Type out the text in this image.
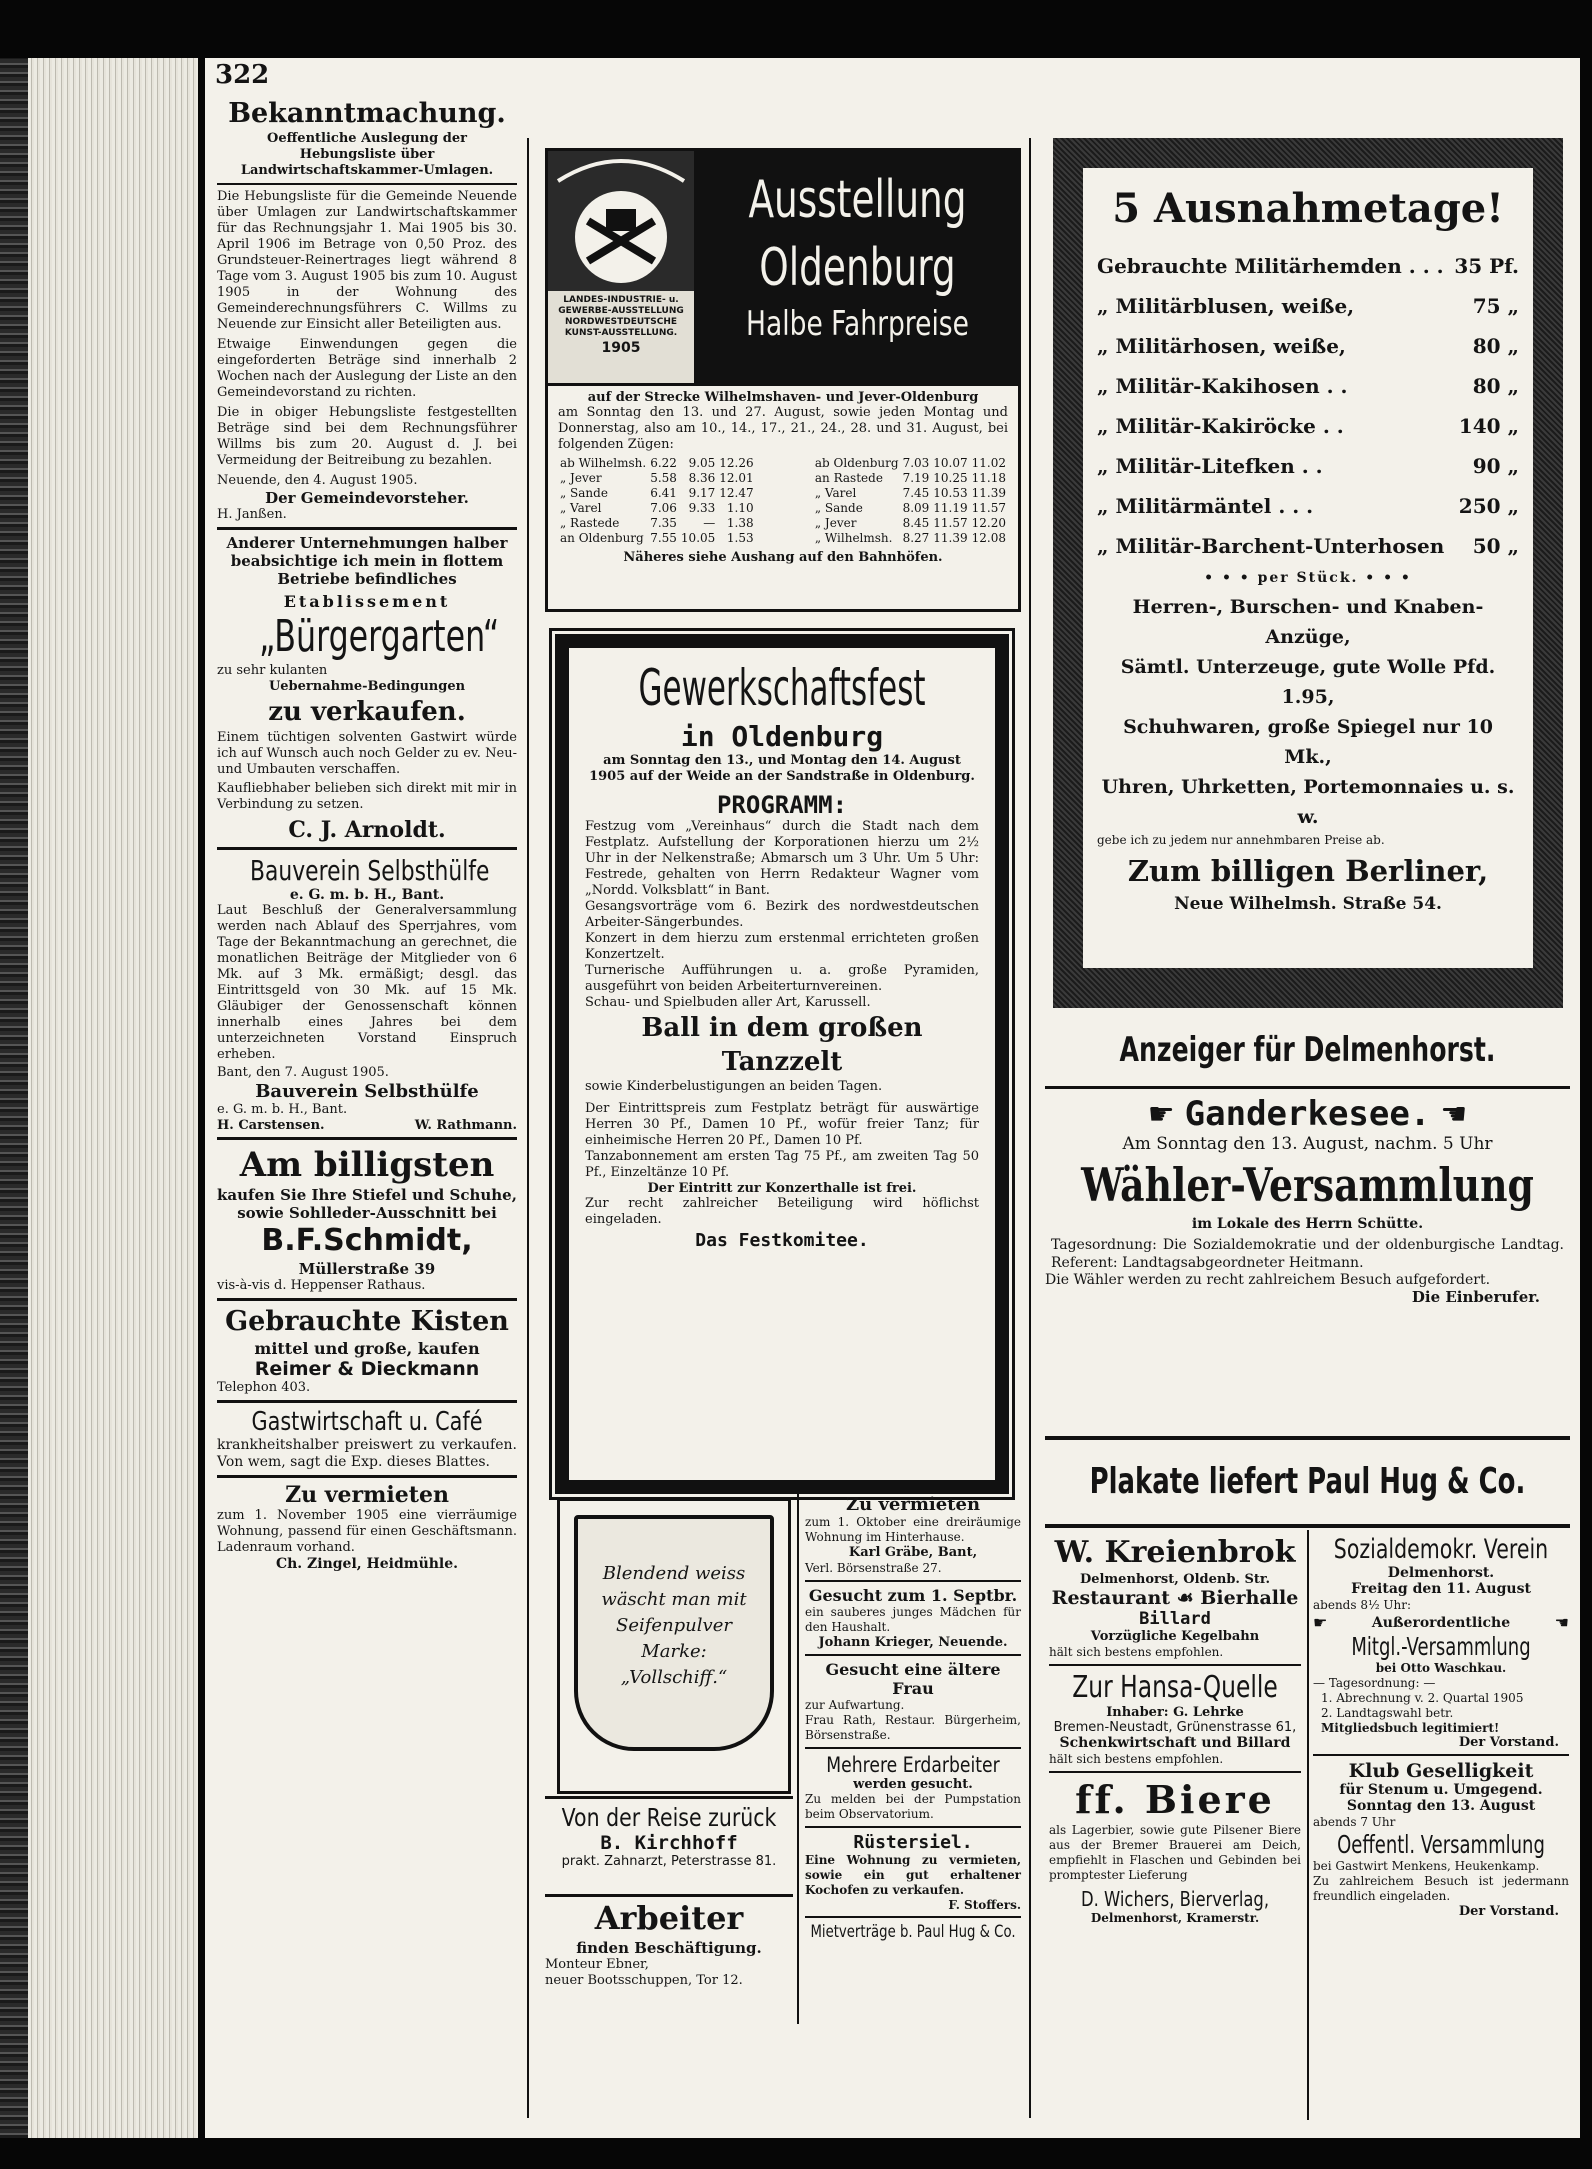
322
Bekanntmachung.
Oeffentliche Auslegung der Hebungsliste über Landwirtschaftskammer-Umlagen.
Die Hebungsliste für die Gemeinde Neuende über Umlagen zur Landwirtschaftskammer für das Rechnungsjahr 1. Mai 1905 bis 30. April 1906 im Betrage von 0,50 Proz. des Grundsteuer-Reinertrages liegt während 8 Tage vom 3. August 1905 bis zum 10. August 1905 in der Wohnung des Gemeinderechnungsführers C. Willms zu Neuende zur Einsicht aller Beteiligten aus.
Etwaige Einwendungen gegen die eingeforderten Beträge sind innerhalb 2 Wochen nach der Auslegung der Liste an den Gemeindevorstand zu richten.
Die in obiger Hebungsliste festgestellten Beträge sind bei dem Rechnungsführer Willms bis zum 20. August d. J. bei Vermeidung der Beitreibung zu bezahlen.
Neuende, den 4. August 1905.
Der Gemeindevorsteher.
H. Janßen.
Anderer Unternehmungen halber beabsichtige ich mein in flottem Betriebe befindliches
Etablissement
„Bürgergarten“
zu sehr kulanten
Uebernahme-Bedingungen
zu verkaufen.
Einem tüchtigen solventen Gastwirt würde ich auf Wunsch auch noch Gelder zu ev. Neu- und Umbauten verschaffen.
Kaufliebhaber belieben sich direkt mit mir in Verbindung zu setzen.
C. J. Arnoldt.
Bauverein Selbsthülfe
e. G. m. b. H., Bant.
Laut Beschluß der Generalversammlung werden nach Ablauf des Sperrjahres, vom Tage der Bekanntmachung an gerechnet, die monatlichen Beiträge der Mitglieder von 6 Mk. auf 3 Mk. ermäßigt; desgl. das Eintrittsgeld von 30 Mk. auf 15 Mk. Gläubiger der Genossenschaft können innerhalb eines Jahres bei dem unterzeichneten Vorstand Einspruch erheben.
Bant, den 7. August 1905.
Bauverein Selbsthülfe
e. G. m. b. H., Bant.
H. Carstensen.	W. Rathmann.
Am billigsten
kaufen Sie Ihre Stiefel und Schuhe, sowie Sohlleder-Ausschnitt bei
B.F.Schmidt,
Müllerstraße 39
vis-à-vis d. Heppenser Rathaus.
Gebrauchte Kisten
mittel und große, kaufen
Reimer & Dieckmann
Telephon 403.
Gastwirtschaft u. Café
krankheitshalber preiswert zu verkaufen. Von wem, sagt die Exp. dieses Blattes.
Zu vermieten
zum 1. November 1905 eine vierräumige Wohnung, passend für einen Geschäftsmann. Ladenraum vorhand.
Ch. Zingel, Heidmühle.
LANDES-INDUSTRIE- u.
GEWERBE-AUSSTELLUNG
NORDWESTDEUTSCHE
KUNST-AUSSTELLUNG.
1905
Ausstellung
Oldenburg
Halbe Fahrpreise
auf der Strecke Wilhelmshaven- und Jever-Oldenburg
am Sonntag den 13. und 27. August, sowie jeden Montag und Donnerstag, also am 10., 14., 17., 21., 24., 28. und 31. August, bei folgenden Zügen:
ab Wilhelmsh.	6.22	9.05	12.26
„ Jever	5.58	8.36	12.01
„ Sande	6.41	9.17	12.47
„ Varel	7.06	9.33	1.10
„ Rastede	7.35	—	1.38
an Oldenburg	7.55	10.05	1.53
ab Oldenburg	7.03	10.07	11.02
an Rastede	7.19	10.25	11.18
„ Varel	7.45	10.53	11.39
„ Sande	8.09	11.19	11.57
„ Jever	8.45	11.57	12.20
„ Wilhelmsh.	8.27	11.39	12.08
Näheres siehe Aushang auf den Bahnhöfen.
Gewerkschaftsfest
in Oldenburg
am Sonntag den 13., und Montag den 14. August 1905 auf der Weide an der Sandstraße in Oldenburg.
PROGRAMM:
Festzug vom „Vereinhaus“ durch die Stadt nach dem Festplatz. Aufstellung der Korporationen hierzu um 2½ Uhr in der Nelkenstraße; Abmarsch um 3 Uhr. Um 5 Uhr: Festrede, gehalten von Herrn Redakteur Wagner vom „Nordd. Volksblatt“ in Bant.
Gesangsvorträge vom 6. Bezirk des nordwestdeutschen Arbeiter-Sängerbundes.
Konzert in dem hierzu zum erstenmal errichteten großen Konzertzelt.
Turnerische Aufführungen u. a. große Pyramiden, ausgeführt von beiden Arbeiterturnvereinen.
Schau- und Spielbuden aller Art, Karussell.
Ball in dem großen Tanzzelt
sowie Kinderbelustigungen an beiden Tagen.
Der Eintrittspreis zum Festplatz beträgt für auswärtige Herren 30 Pf., Damen 10 Pf., wofür freier Tanz; für einheimische Herren 20 Pf., Damen 10 Pf.
Tanzabonnement am ersten Tag 75 Pf., am zweiten Tag 50 Pf., Einzeltänze 10 Pf.
Der Eintritt zur Konzerthalle ist frei.
Zur recht zahlreicher Beteiligung wird höflichst eingeladen.
Das Festkomitee.
Blendend weiss
wäscht man mit
Seifenpulver
Marke:
„Vollschiff.“
Von der Reise zurück
B. Kirchhoff
prakt. Zahnarzt, Peterstrasse 81.
Arbeiter
finden Beschäftigung.
Monteur Ebner,
neuer Bootsschuppen, Tor 12.
Zu vermieten
zum 1. Oktober eine dreiräumige Wohnung im Hinterhause.
Karl Gräbe, Bant,
Verl. Börsenstraße 27.
Gesucht zum 1. Septbr.
ein sauberes junges Mädchen für den Haushalt.
Johann Krieger, Neuende.
Gesucht eine ältere Frau
zur Aufwartung.
Frau Rath, Restaur. Bürgerheim, Börsenstraße.
Mehrere Erdarbeiter
werden gesucht.
Zu melden bei der Pumpstation beim Observatorium.
Rüstersiel.
Eine Wohnung zu vermieten, sowie ein gut erhaltener Kochofen zu verkaufen.
F. Stoffers.
Mietverträge b. Paul Hug & Co.
5 Ausnahmetage!
Gebrauchte Militärhemden . . . 35 Pf.
„ Militärblusen, weiße,	75 „
„ Militärhosen, weiße,	80 „
„ Militär-Kakihosen . .	80 „
„ Militär-Kakiröcke . .	140 „
„ Militär-Litefken . .	90 „
„ Militärmäntel . . .	250 „
„ Militär-Barchent-Unterhosen 50 „
• • • per Stück. • • •
Herren-, Burschen- und Knaben-Anzüge,
Sämtl. Unterzeuge, gute Wolle Pfd. 1.95,
Schuhwaren, große Spiegel nur 10 Mk.,
Uhren, Uhrketten, Portemonnaies u. s. w.
gebe ich zu jedem nur annehmbaren Preise ab.
Zum billigen Berliner,
Neue Wilhelmsh. Straße 54.
Anzeiger für Delmenhorst.
☛ Ganderkesee. ☚
Am Sonntag den 13. August, nachm. 5 Uhr
Wähler-Versammlung
im Lokale des Herrn Schütte.
Tagesordnung: Die Sozialdemokratie und der oldenburgische Landtag. Referent: Landtagsabgeordneter Heitmann.
Die Wähler werden zu recht zahlreichem Besuch aufgefordert.
Die Einberufer.
Plakate liefert Paul Hug & Co.
W. Kreienbrok
Delmenhorst, Oldenb. Str.
Restaurant ☙ Bierhalle
Billard
Vorzügliche Kegelbahn
hält sich bestens empfohlen.
Zur Hansa-Quelle
Inhaber: G. Lehrke
Bremen-Neustadt, Grünenstrasse 61,
Schenkwirtschaft und Billard
hält sich bestens empfohlen.
ff. Biere
als Lagerbier, sowie gute Pilsener Biere aus der Bremer Brauerei am Deich, empfiehlt in Flaschen und Gebinden bei promptester Lieferung
D. Wichers, Bierverlag,
Delmenhorst, Kramerstr.
Sozialdemokr. Verein
Delmenhorst.
Freitag den 11. August
abends 8½ Uhr:
☛	Außerordentliche	☚
Mitgl.-Versammlung
bei Otto Waschkau.
— Tagesordnung: —
1. Abrechnung v. 2. Quartal 1905
2. Landtagswahl betr.
Mitgliedsbuch legitimiert!
Der Vorstand.
Klub Geselligkeit
für Stenum u. Umgegend.
Sonntag den 13. August
abends 7 Uhr
Oeffentl. Versammlung
bei Gastwirt Menkens, Heukenkamp.
Zu zahlreichem Besuch ist jedermann freundlich eingeladen.
Der Vorstand.
